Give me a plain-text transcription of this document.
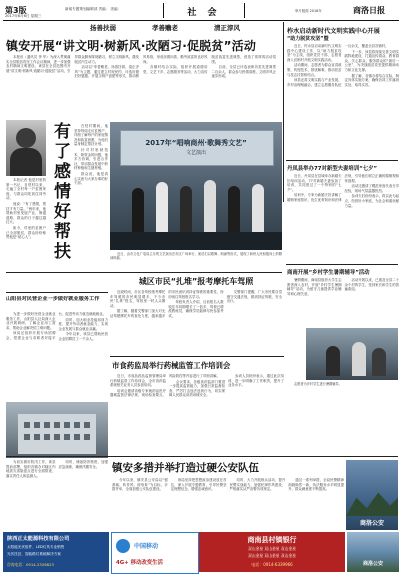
第3版
2017年6月6日 星期三
新闻专题策划编辑部 责编： 美编：	社 会	审片版面 2016年	商洛日报
扬善扶弱	孝善赡老	清正淳风
镇安开展“讲文明·树新风·改陋习·促脱贫”活动

本报讯（通讯员 李 华）为深入贯彻落实全县脱贫攻坚工作会议精神，进一步加强农村精神文明建设，该县在全县范围内开展“讲文明·树新风·改陋习·促脱贫”活动，引导群众摒弃陈规陋习，树立文明新风，激发脱贫内生动力。

活动以“孝善赡老、扬善扶弱、清正淳风”为主题，通过建立村规民约、评选好媳妇好婆婆、开展文明户创建等形式，推动移风易俗，形成崇德向善、勤劳致富的良好风尚。

各镇村结合实际，组织开展道德讲堂、文艺下乡、志愿服务等活动，大力宣传脱贫致富先进典型，营造了浓厚的活动氛围。

目前，全县已评选表彰各类先进典型二百余人，群众参与热情高涨，文明乡风正逐步形成。

柞水启动新时代文明实践中心开展
“助力脱贫攻坚”暨

近日，柞水县启动新时代文明实践中心建设工作，以“助力脱贫攻坚”为主线，组织党员干部、志愿者深入贫困村开展文明实践活动。

活动期间，志愿者为群众宣讲政策、传授技术、排忧解难，推动扶贫与扶志扶智相结合。

该县还将文明实践与产业发展、乡村治理相融合，建立志愿服务队伍一百余支，覆盖全县各镇村。

下一步，该县将持续完善文明实践阵地建设，打通宣传群众、教育群众、关心群众、服务群众的“最后一公里”，为决战脱贫攻坚提供精神动力和文化支撑。

据了解，各镇办将结合实际，制定具体实施方案，确保各项工作落到实处、取得实效。

有了感情好帮扶

本报记者 他是村里的第一书记，自驻村以来，走遍了全村每一户贫困家庭，与群众同吃同住同劳动。

他说：“有了感情，帮扶才有力量。”两年来，他帮助村里发展产业，修通道路，群众的日子越过越红火。

如今，村里的贫困户已全部脱贫，群众纷纷称赞他是“贴心人”。

在驻村期间，他坚持每周走访贫困户，详细了解每户的家庭情况和致富意愿，为他们量身制定帮扶计划。

针对村里缺技术、缺资金的问题，他多方协调，引进合作社，带动群众发展中药材种植和生猪养殖。

群众说，他是真心实意为大家办事的好干部。

2017年“唱响商州·歌舞秀文艺”
文艺演出

近日，由市文化广电局主办的文艺演出在市区广场举行，演员们以歌舞、朗诵等形式，展现了商州人民积极向上的精神风貌。

丹凤县举办77对新型夫妻培训“七夕”

近日，丹凤县在县城举办新婚夫妇培训活动，77对新婚夫妻参加了培训，共同度过了一个特别的“七夕”。

培训中，专家为新婚夫妇讲解了婚姻家庭知识、优生优育知识和法律法规，引导他们树立正确的婚姻观和家庭观。

活动还邀请了模范家庭代表分享经验，现场气氛温馨热烈。

参训夫妇纷纷表示，将以此为起点，经营好小家庭，为社会和谐贡献力量。

商南开展“乡村学生暑期辅导”活动

暑假期间，商南县组织大学生志愿者深入农村，开展“乡村学生暑期辅导”活动，为留守儿童提供学业辅导和心理关爱。

活动开展以来，已惠及全县二十余个村的学生，受到家长和学生的普遍欢迎。

志愿者为乡村学生进行暑期辅导。

城区市民“扎堆”报考摩托车驾照

近段时间，市区各驾校报考摩托车驾照的市民明显增多，不少市民“扎堆”报名，驾校里一时人头攒动。

据了解，随着交警部门加大对无证驾驶摩托车的查处力度，越来越多的市民意识到持证驾驶的重要性，纷纷前往驾校报名学习。

驾校负责人介绍，目前报名人数较往年同期增长了一倍多，驾校已增派教练员，确保学员能够尽快参加考试。

交警部门提醒，广大市民要自觉遵守交通法规，做到持证驾驶、安全出行。

山阳县对民营企业一步做好就业服务工作

为进一步做好民营企业就业服务工作，山阳县人社局深入企业开展调研，了解企业用工需求，帮助企业解决招工难问题。

该局还组织开展专场招聘会，搭建企业与求职者对接平台，促进劳动力就近就地就业。

同时，加大职业技能培训力度，提升劳动者就业能力，实现企业发展与群众就业双赢。

今年以来，该县已帮助民营企业招聘员工一千余人。

市食药监局举行药械监管工作培训会

近日，市食品药品监督管理局举行药械监管工作培训会，全市食药监系统相关业务人员参加培训。

培训会邀请省级专家就药品医疗器械监管法律法规、现场检查要点、风险防控等内容进行了详细讲解。

会议要求，各级食药监部门要进一步提高监管能力，加强日常监督检查，严厉打击违法违规行为，切实保障人民群众用药用械安全。

参训人员纷纷表示，通过此次培训，进一步明确了工作职责，提升了业务水平。

镇安多措并举打造过硬公安队伍

今年以来，镇安县公安局以“强基础、转作风、树形象”为目标，多措并举，全面加强公安队伍建设。

该局坚持把思想政治建设放在首位，深入开展专题教育，引导民警坚定理想信念，增强忠诚意识。

同时，大力开展练兵活动，提升民警实战能力，加强纪律作风建设，严格落实从严治警各项规定。

通过一系列举措，全局民警精神面貌焕然一新，执法服务水平明显提升，群众满意度不断提高。

为切实做好防汛工作，该县提前部署，组织各镇办对辖区内地质灾害隐患点进行全面排查，落实责任人和监测人。

同时，储备防汛物资，加强应急演练，确保汛期安全。

商洛公安
陕西正太能源科技有限公司
太阳能光伏组件、LED灯具专业销售
光伏扶贫、智能路灯系统解决方案
咨询电话：0914-2326823
中国移动
4G+ 移动改变生活
商南县村镇银行
双山金星 双山金星 双山金星
双山金星 双山金星 双山金星
电话：0914-6339966	商洛公安
